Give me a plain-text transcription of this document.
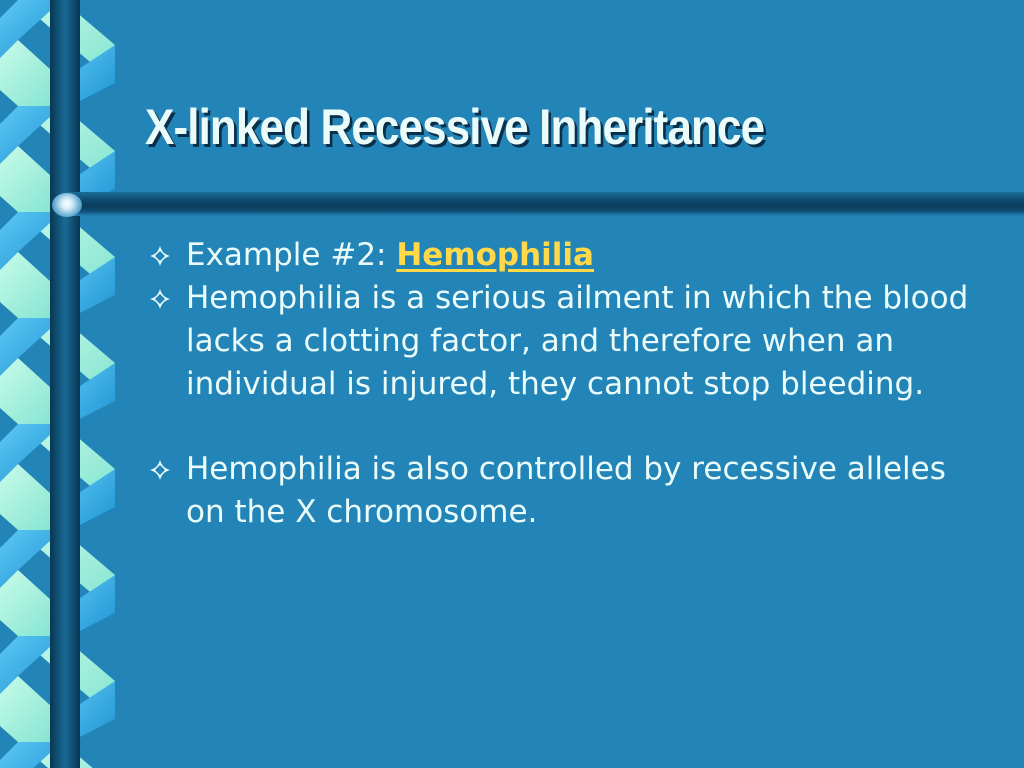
X-linked Recessive Inheritance
Example #2: Hemophilia
Hemophilia is a serious ailment in which the blood lacks a clotting factor, and therefore when an individual is injured, they cannot stop bleeding.
Hemophilia is also controlled by recessive alleles on the X chromosome.
